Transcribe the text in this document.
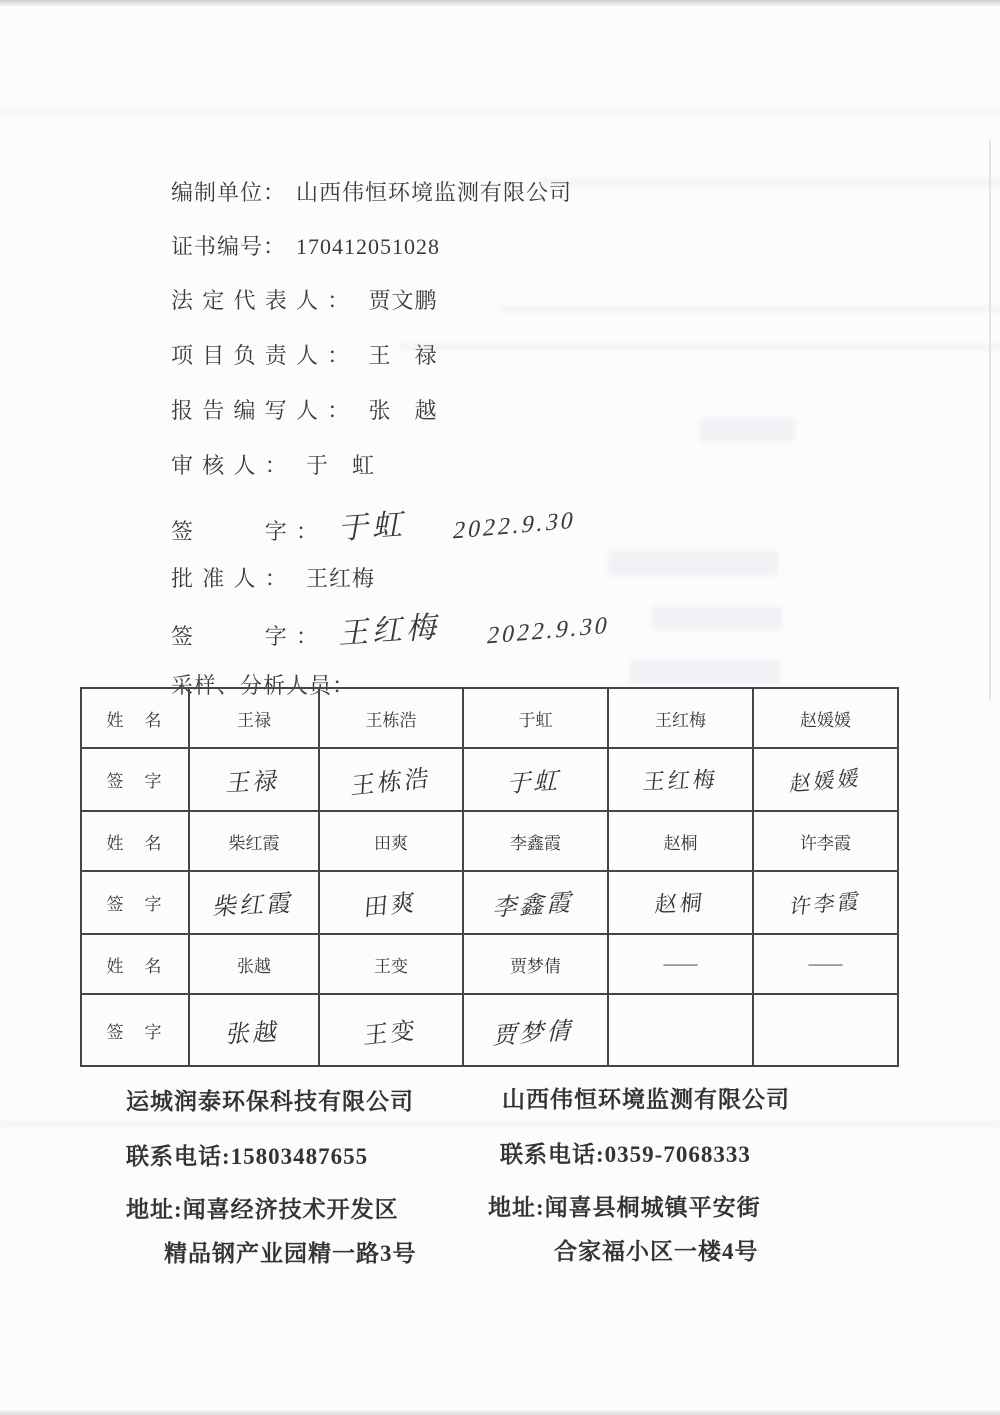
编制单位： 山西伟恒环境监测有限公司

证书编号： 170412051028

法定代表人： 贾文鹏

项目负责人： 王　禄

报告编写人： 张　越

审核人： 于　虹

签　　字： 于虹 2022.9.30

批准人： 王红梅

签　　字： 王红梅 2022.9.30

采样、分析人员：

姓　名	王禄	王栋浩	于虹	王红梅	赵媛媛
签　字	王禄	王栋浩	于虹	王红梅	赵媛媛
姓　名	柴红霞	田爽	李鑫霞	赵桐	许李霞
签　字	柴红霞	田爽	李鑫霞	赵桐	许李霞
姓　名	张越	王变	贾梦倩	——	——
签　字	张越	王变	贾梦倩		
运城润泰环保科技有限公司
联系电话:15803487655
地址:闻喜经济技术开发区
精品钢产业园精一路3号
山西伟恒环境监测有限公司
联系电话:0359-7068333
地址:闻喜县桐城镇平安街
合家福小区一楼4号
